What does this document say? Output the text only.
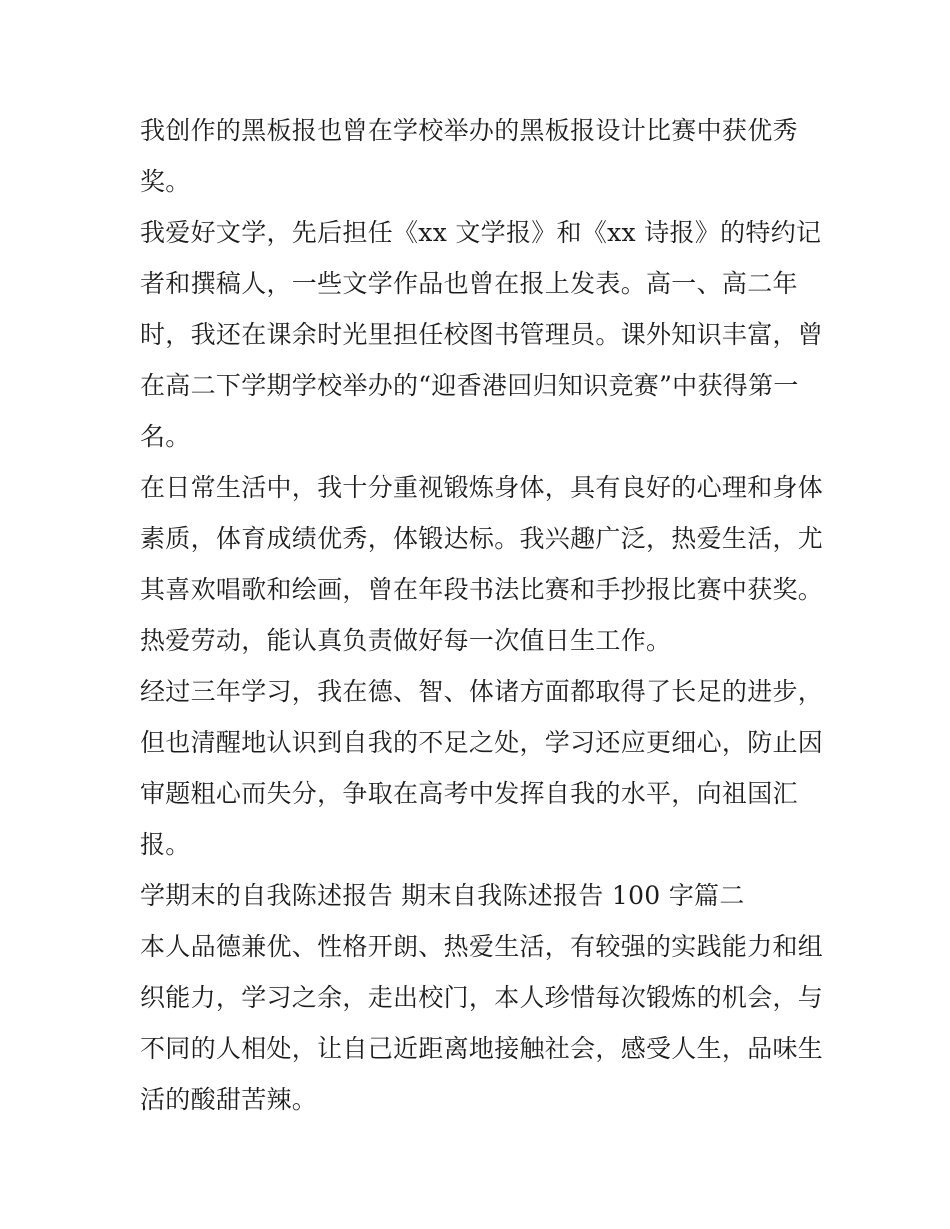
我创作的黑板报也曾在学校举办的黑板报设计比赛中获优秀
奖。
我爱好文学，先后担任《xx 文学报》和《xx 诗报》的特约记
者和撰稿人，一些文学作品也曾在报上发表。高一、高二年
时，我还在课余时光里担任校图书管理员。课外知识丰富，曾
在高二下学期学校举办的“迎香港回归知识竞赛”中获得第一
名。
在日常生活中，我十分重视锻炼身体，具有良好的心理和身体
素质，体育成绩优秀，体锻达标。我兴趣广泛，热爱生活，尤
其喜欢唱歌和绘画，曾在年段书法比赛和手抄报比赛中获奖。
热爱劳动，能认真负责做好每一次值日生工作。
经过三年学习，我在德、智、体诸方面都取得了长足的进步，
但也清醒地认识到自我的不足之处，学习还应更细心，防止因
审题粗心而失分，争取在高考中发挥自我的水平，向祖国汇
报。
学期末的自我陈述报告 期末自我陈述报告 100 字篇二
本人品德兼优、性格开朗、热爱生活，有较强的实践能力和组
织能力，学习之余，走出校门，本人珍惜每次锻炼的机会，与
不同的人相处，让自己近距离地接触社会，感受人生，品味生
活的酸甜苦辣。
